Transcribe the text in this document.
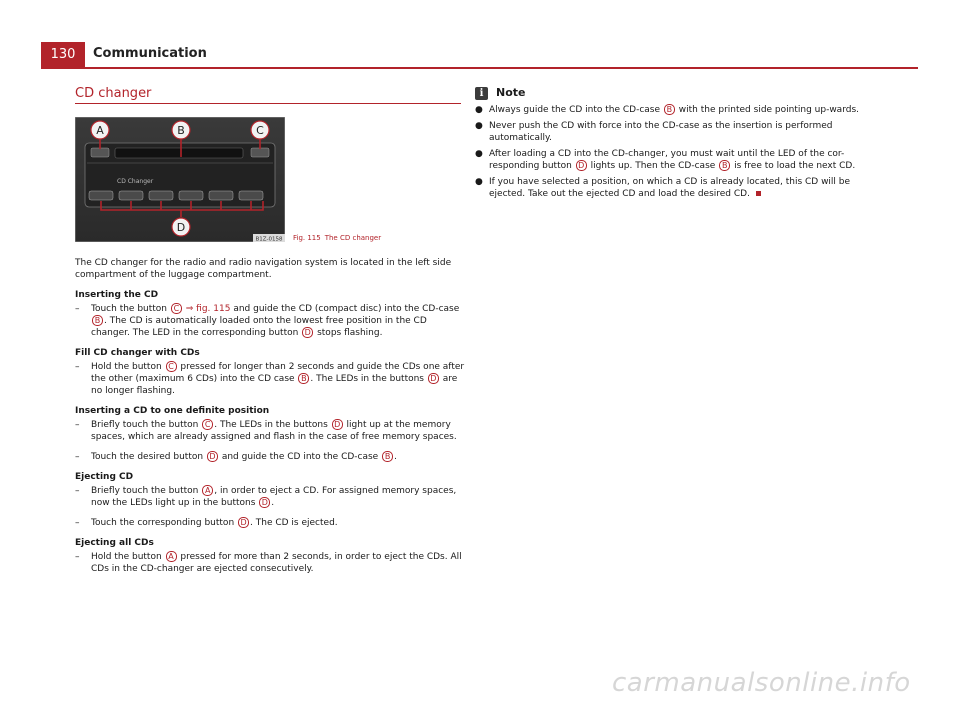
130	Communication
CD changer
CD Changer
A	B	C
D
B1Z-0158 Fig. 115 The CD changer

The CD changer for the radio and radio navigation system is located in the left side compartment of the luggage compartment.

Inserting the CD
–	Touch the button C ⇒ fig. 115 and guide the CD (compact disc) into the CD-case B . The CD is automatically loaded onto the lowest free position in the CD changer. The LED in the corresponding button D stops flashing.
Fill CD changer with CDs
–	Hold the button C pressed for longer than 2 seconds and guide the CDs one after the other (maximum 6 CDs) into the CD case B . The LEDs in the buttons D are no longer flashing.
Inserting a CD to one definite position
–	Briefly touch the button C . The LEDs in the buttons D light up at the memory spaces, which are already assigned and flash in the case of free memory spaces.
–	Touch the desired button D and guide the CD into the CD-case B .
Ejecting CD
–	Briefly touch the button A , in order to eject a CD. For assigned memory spaces, now the LEDs light up in the buttons D .
–	Touch the corresponding button D . The CD is ejected.
Ejecting all CDs
–	Hold the button A pressed for more than 2 seconds, in order to eject the CDs. All CDs in the CD-changer are ejected consecutively.
i	Note
● Always guide the CD into the CD-case B with the printed side pointing up-wards.
● Never push the CD with force into the CD-case as the insertion is performed automatically.
● After loading a CD into the CD-changer, you must wait until the LED of the cor-responding button D lights up. Then the CD-case B is free to load the next CD.
● If you have selected a position, on which a CD is already located, this CD will be ejected. Take out the ejected CD and load the desired CD.
carmanualsonline.info
